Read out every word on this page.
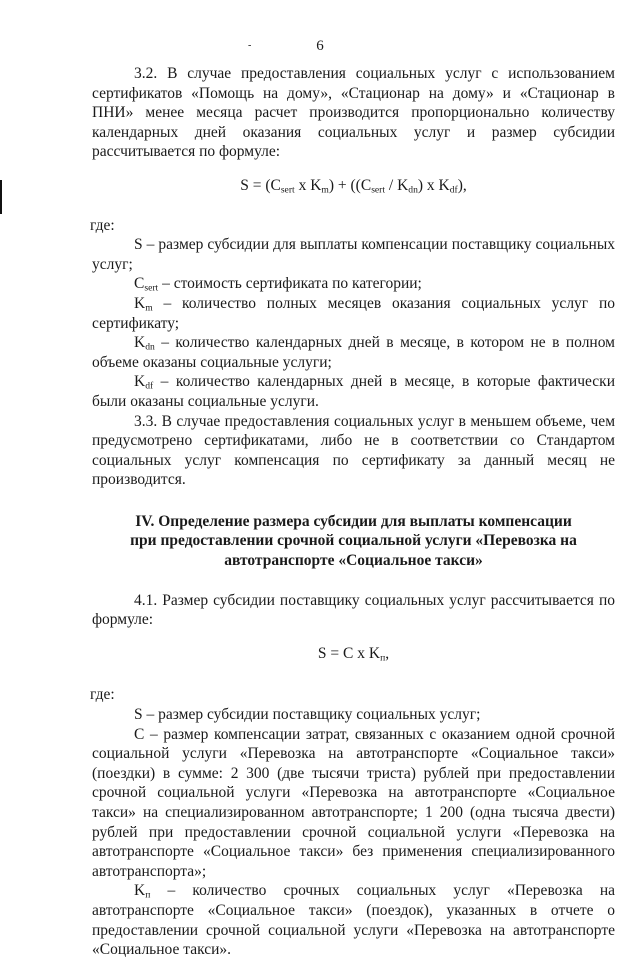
6
-

3.2. В случае предоставления социальных услуг с использованием сертификатов «Помощь на дому», «Стационар на дому» и «Стационар в ПНИ» менее месяца расчет производится пропорционально количеству календарных дней оказания социальных услуг и размер субсидии рассчитывается по формуле:

$S = (C_{sert}$ x $K_m) + ((C_{sert} / K_{dn})$ x $K_{df}$),

где:

S – размер субсидии для выплаты компенсации поставщику социальных услуг;

$C_{sert}$ – стоимость сертификата по категории;

$K_m$ – количество полных месяцев оказания социальных услуг по сертификату;

$K_{dn}$ – количество календарных дней в месяце, в котором не в полном объеме оказаны социальные услуги;

$K_{df}$ – количество календарных дней в месяце, в которые фактически были оказаны социальные услуги.

3.3. В случае предоставления социальных услуг в меньшем объеме, чем предусмотрено сертификатами, либо не в соответствии со Стандартом социальных услуг компенсация по сертификату за данный месяц не производится.

IV. Определение размера субсидии для выплаты компенсации

при предоставлении срочной социальной услуги «Перевозка на

автотранспорте «Социальное такси»

4.1. Размер субсидии поставщику социальных услуг рассчитывается по формуле:

S = C x $K_п$,

где:

S – размер субсидии поставщику социальных услуг;

С – размер компенсации затрат, связанных с оказанием одной срочной социальной услуги «Перевозка на автотранспорте «Социальное такси» (поездки) в сумме: 2 300 (две тысячи триста) рублей при предоставлении срочной социальной услуги «Перевозка на автотранспорте «Социальное такси» на специализированном автотранспорте; 1 200 (одна тысяча двести) рублей при предоставлении срочной социальной услуги «Перевозка на автотранспорте «Социальное такси» без применения специализированного автотранспорта»;

$K_п$ – количество срочных социальных услуг «Перевозка на автотранспорте «Социальное такси» (поездок), указанных в отчете о предоставлении срочной социальной услуги «Перевозка на автотранспорте «Социальное такси».
